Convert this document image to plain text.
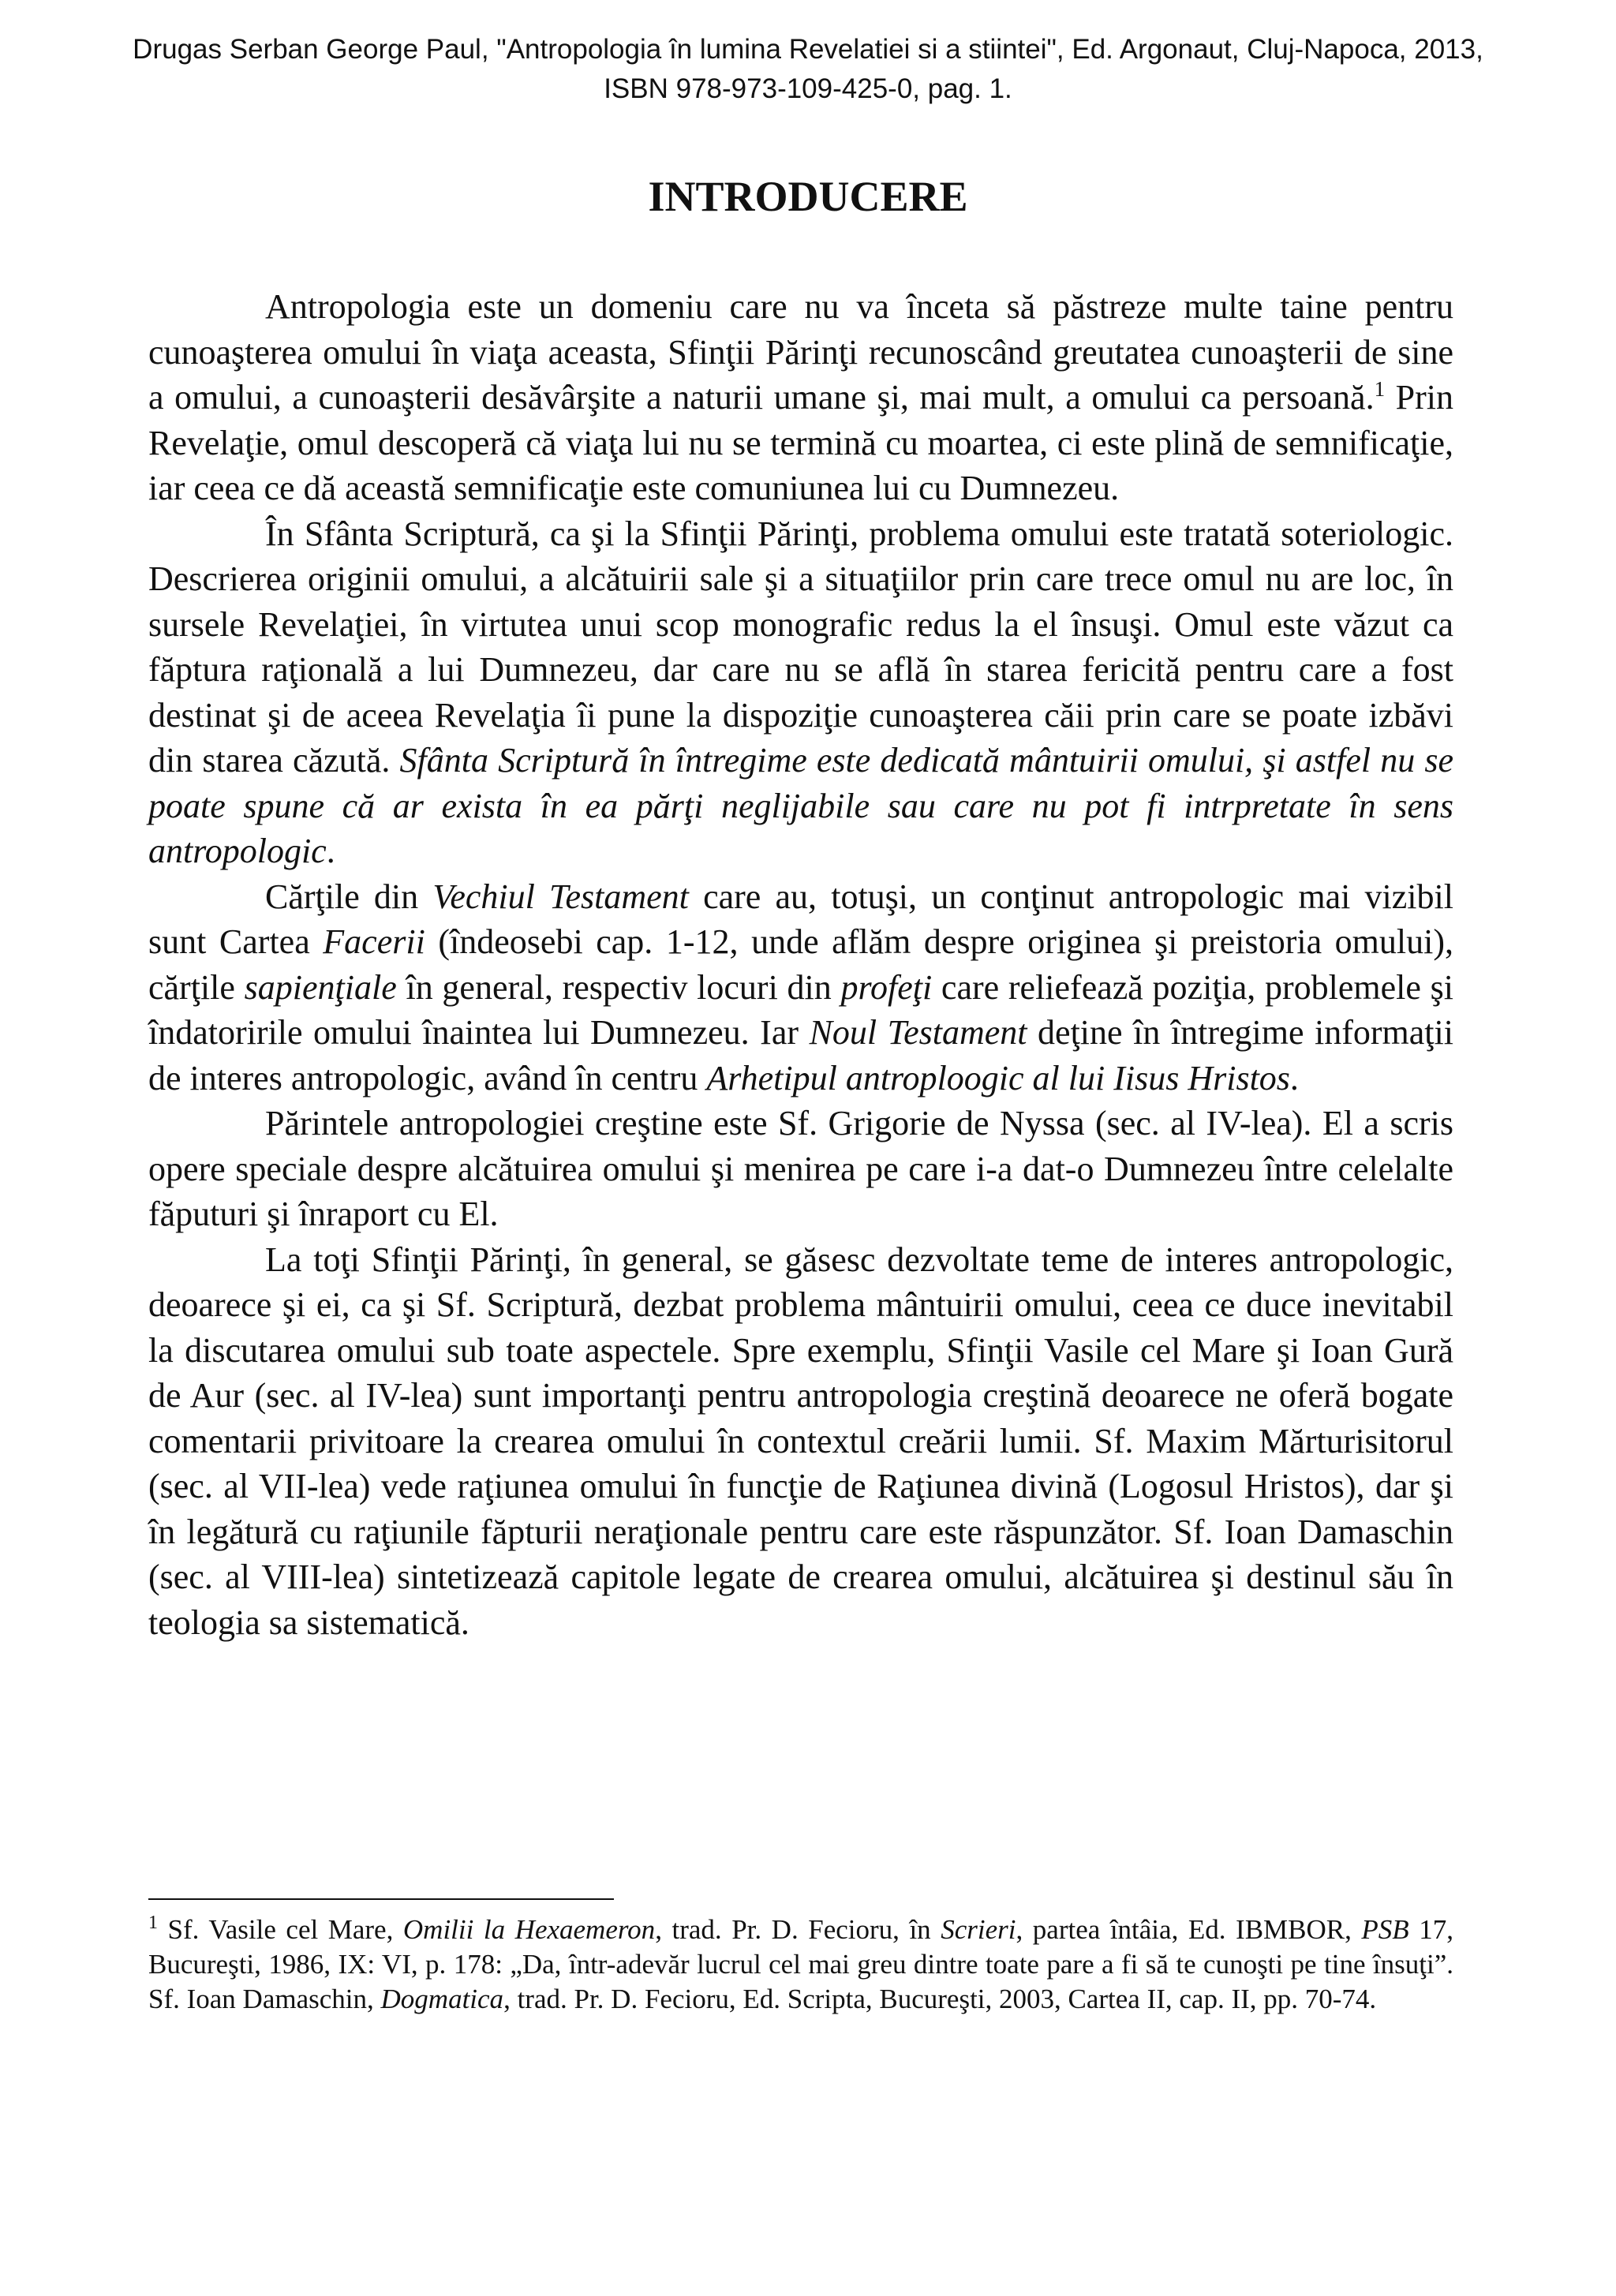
Drugas Serban George Paul, "Antropologia în lumina Revelatiei si a stiintei", Ed. Argonaut, Cluj-Napoca, 2013,
ISBN 978-973-109-425-0, pag. 1.
INTRODUCERE

Antropologia este un domeniu care nu va înceta să păstreze multe taine pentru cunoaşterea omului în viaţa aceasta, Sfinţii Părinţi recunoscând greutatea cunoaşterii de sine a omului, a cunoaşterii desăvârşite a naturii umane şi, mai mult, a omului ca persoană.$^1$ Prin Revelaţie, omul descoperă că viaţa lui nu se termină cu moartea, ci este plină de semnificaţie, iar ceea ce dă această semnificaţie este comuniunea lui cu Dumnezeu.

În Sfânta Scriptură, ca şi la Sfinţii Părinţi, problema omului este tratată soteriologic. Descrierea originii omului, a alcătuirii sale şi a situaţiilor prin care trece omul nu are loc, în sursele Revelaţiei, în virtutea unui scop monografic redus la el însuşi. Omul este văzut ca făptura raţională a lui Dumnezeu, dar care nu se află în starea fericită pentru care a fost destinat şi de aceea Revelaţia îi pune la dispoziţie cunoaşterea căii prin care se poate izbăvi din starea căzută. Sfânta Scriptură în întregime este dedicată mântuirii omului, şi astfel nu se poate spune că ar exista în ea părţi neglijabile sau care nu pot fi intrpretate în sens antropologic.

Cărţile din Vechiul Testament care au, totuşi, un conţinut antropologic mai vizibil sunt Cartea Facerii (îndeosebi cap. 1-12, unde aflăm despre originea şi preistoria omului), cărţile sapienţiale în general, respectiv locuri din profeţi care reliefează poziţia, problemele şi îndatoririle omului înaintea lui Dumnezeu. Iar Noul Testament deţine în întregime informaţii de interes antropologic, având în centru Arhetipul antroploogic al lui Iisus Hristos.

Părintele antropologiei creştine este Sf. Grigorie de Nyssa (sec. al IV-lea). El a scris opere speciale despre alcătuirea omului şi menirea pe care i-a dat-o Dumnezeu între celelalte făputuri şi înraport cu El.

La toţi Sfinţii Părinţi, în general, se găsesc dezvoltate teme de interes antropologic, deoarece şi ei, ca şi Sf. Scriptură, dezbat problema mântuirii omului, ceea ce duce inevitabil la discutarea omului sub toate aspectele. Spre exemplu, Sfinţii Vasile cel Mare şi Ioan Gură de Aur (sec. al IV-lea) sunt importanţi pentru antropologia creştină deoarece ne oferă bogate comentarii privitoare la crearea omului în contextul creării lumii. Sf. Maxim Mărturisitorul (sec. al VII-lea) vede raţiunea omului în funcţie de Raţiunea divină (Logosul Hristos), dar şi în legătură cu raţiunile făpturii neraţionale pentru care este răspunzător. Sf. Ioan Damaschin (sec. al VIII-lea) sintetizează capitole legate de crearea omului, alcătuirea şi destinul său în teologia sa sistematică.

$^1$ Sf. Vasile cel Mare, Omilii la Hexaemeron, trad. Pr. D. Fecioru, în Scrieri, partea întâia, Ed. IBMBOR, PSB 17, Bucureşti, 1986, IX: VI, p. 178: „Da, într-adevăr lucrul cel mai greu dintre toate pare a fi să te cunoşti pe tine însuţi”. Sf. Ioan Damaschin, Dogmatica, trad. Pr. D. Fecioru, Ed. Scripta, Bucureşti, 2003, Cartea II, cap. II, pp. 70-74.
